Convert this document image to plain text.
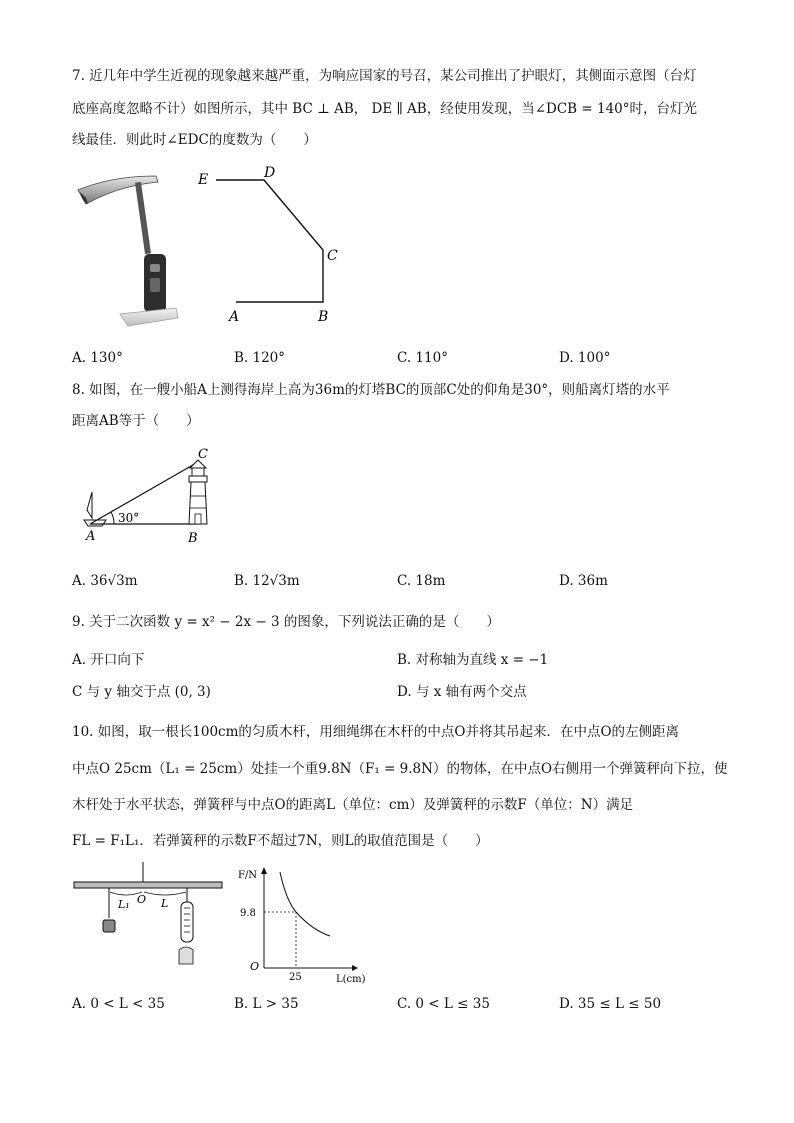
7. 近几年中学生近视的现象越来越严重，为响应国家的号召，某公司推出了护眼灯，其侧面示意图（台灯
底座高度忽略不计）如图所示，其中 BC ⊥ AB， DE ∥ AB，经使用发现，当∠DCB = 140°时，台灯光
线最佳．则此时∠EDC的度数为（　　）
E	D
C
A	B
A. 130°	B. 120°	C. 110°	D. 100°
8. 如图，在一艘小船A上测得海岸上高为36m的灯塔BC的顶部C处的仰角是30°，则船离灯塔的水平
距离AB等于（　　）
30°
C
A	B
A. 36√3m	B. 12√3m	C. 18m	D. 36m
9. 关于二次函数 y = x² − 2x − 3 的图象，下列说法正确的是（　　）
A. 开口向下	B. 对称轴为直线 x = −1
C 与 y 轴交于点 (0, 3)	D. 与 x 轴有两个交点
10. 如图，取一根长100cm的匀质木杆，用细绳绑在木杆的中点O并将其吊起来．在中点O的左侧距离
中点O 25cm（L₁ = 25cm）处挂一个重9.8N（F₁ = 9.8N）的物体，在中点O右侧用一个弹簧秤向下拉，使
木杆处于水平状态，弹簧秤与中点O的距离L（单位：cm）及弹簧秤的示数F（单位：N）满足
FL = F₁L₁．若弹簧秤的示数F不超过7N，则L的取值范围是（　　）
L₁ O L
F/N
9.8
O
25	L(cm)
A. 0 < L < 35	B. L > 35	C. 0 < L ≤ 35	D. 35 ≤ L ≤ 50
